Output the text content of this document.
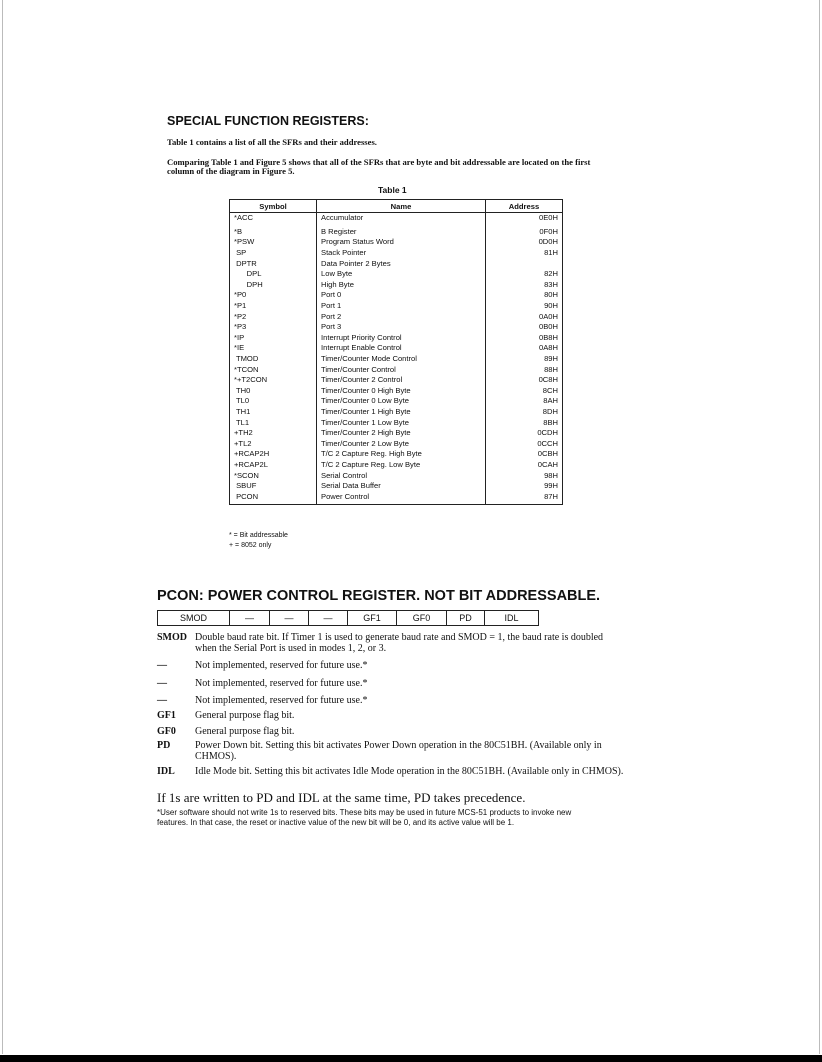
SPECIAL FUNCTION REGISTERS:
Table 1 contains a list of all the SFRs and their addresses.
Comparing Table 1 and Figure 5 shows that all of the SFRs that are byte and bit addressable are located on the first
column of the diagram in Figure 5.
Table 1
Symbol	Name	Address
*ACC	Accumulator	0E0H
*B	B Register	0F0H
*PSW	Program Status Word	0D0H
SP	Stack Pointer	81H
DPTR	Data Pointer 2 Bytes	
DPL	Low Byte	82H
DPH	High Byte	83H
*P0	Port 0	80H
*P1	Port 1	90H
*P2	Port 2	0A0H
*P3	Port 3	0B0H
*IP	Interrupt Priority Control	0B8H
*IE	Interrupt Enable Control	0A8H
TMOD	Timer/Counter Mode Control	89H
*TCON	Timer/Counter Control	88H
*+T2CON	Timer/Counter 2 Control	0C8H
TH0	Timer/Counter 0 High Byte	8CH
TL0	Timer/Counter 0 Low Byte	8AH
TH1	Timer/Counter 1 High Byte	8DH
TL1	Timer/Counter 1 Low Byte	8BH
+TH2	Timer/Counter 2 High Byte	0CDH
+TL2	Timer/Counter 2 Low Byte	0CCH
+RCAP2H	T/C 2 Capture Reg. High Byte	0CBH
+RCAP2L	T/C 2 Capture Reg. Low Byte	0CAH
*SCON	Serial Control	98H
SBUF	Serial Data Buffer	99H
PCON	Power Control	87H
* = Bit addressable
+ = 8052 only
PCON: POWER CONTROL REGISTER. NOT BIT ADDRESSABLE.
SMOD	—	—	—	GF1	GF0	PD	IDL
SMOD Double baud rate bit. If Timer 1 is used to generate baud rate and SMOD = 1, the baud rate is doubled
when the Serial Port is used in modes 1, 2, or 3.
—	Not implemented, reserved for future use.*
—	Not implemented, reserved for future use.*
—	Not implemented, reserved for future use.*
GF1 General purpose flag bit.
GF0 General purpose flag bit.
PD Power Down bit. Setting this bit activates Power Down operation in the 80C51BH. (Available only in
CHMOS).
IDL Idle Mode bit. Setting this bit activates Idle Mode operation in the 80C51BH. (Available only in CHMOS).
If 1s are written to PD and IDL at the same time, PD takes precedence.
*User software should not write 1s to reserved bits. These bits may be used in future MCS-51 products to invoke new
features. In that case, the reset or inactive value of the new bit will be 0, and its active value will be 1.
